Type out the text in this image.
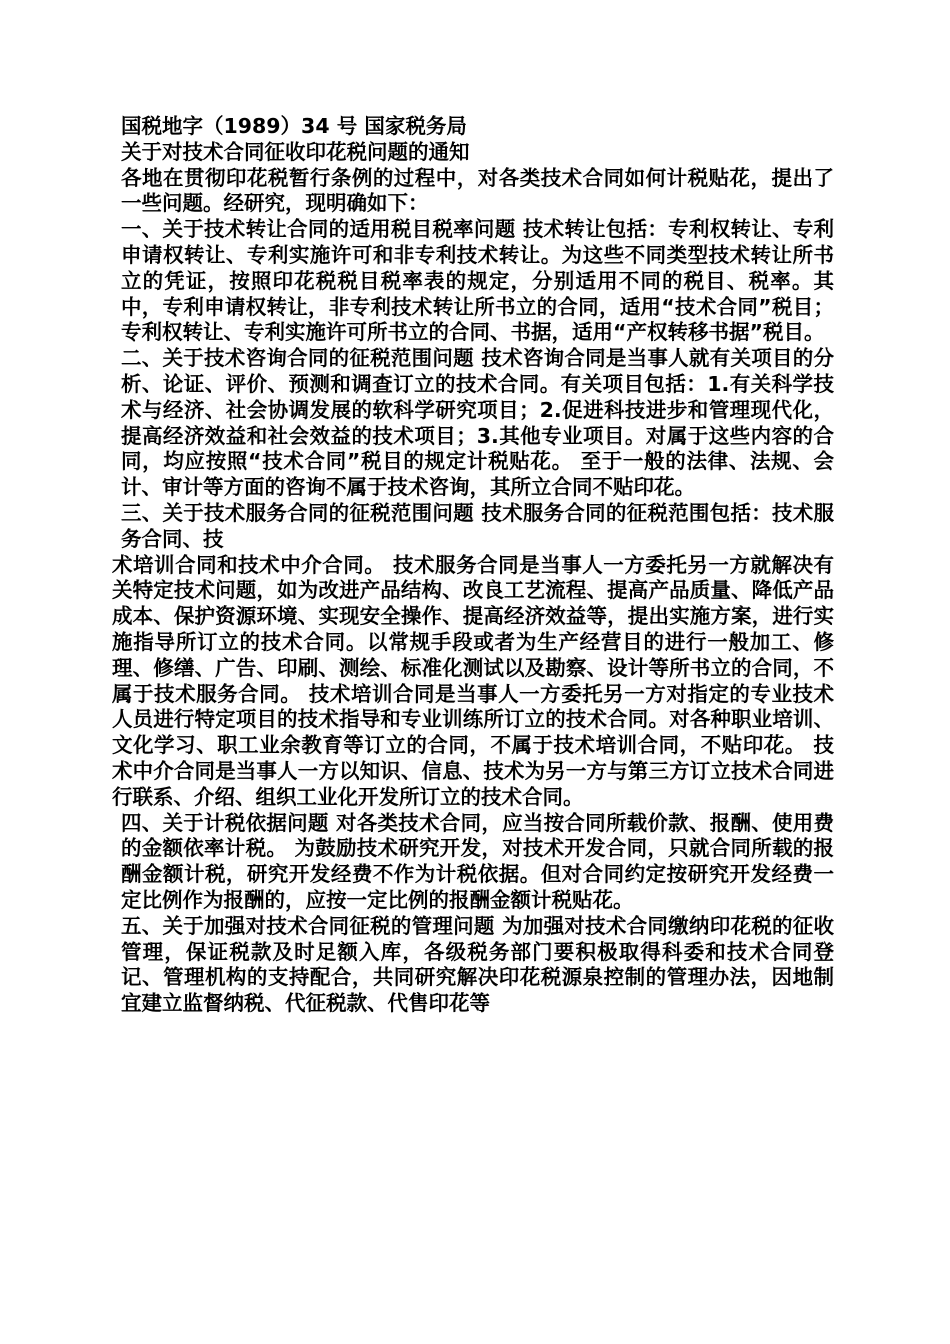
国税地字（1989）34 号 国家税务局

关于对技术合同征收印花税问题的通知

各地在贯彻印花税暂行条例的过程中，对各类技术合同如何计税贴花，提出了一些问题。经研究，现明确如下：

一、关于技术转让合同的适用税目税率问题 技术转让包括：专利权转让、专利申请权转让、专利实施许可和非专利技术转让。为这些不同类型技术转让所书立的凭证，按照印花税税目税率表的规定，分别适用不同的税目、税率。其中，专利申请权转让，非专利技术转让所书立的合同，适用“技术合同”税目；专利权转让、专利实施许可所书立的合同、书据，适用“产权转移书据”税目。

二、关于技术咨询合同的征税范围问题 技术咨询合同是当事人就有关项目的分析、论证、评价、预测和调查订立的技术合同。有关项目包括：1.有关科学技术与经济、社会协调发展的软科学研究项目；2.促进科技进步和管理现代化，提高经济效益和社会效益的技术项目；3.其他专业项目。对属于这些内容的合同，均应按照“技术合同”税目的规定计税贴花。 至于一般的法律、法规、会计、审计等方面的咨询不属于技术咨询，其所立合同不贴印花。

三、关于技术服务合同的征税范围问题 技术服务合同的征税范围包括：技术服务合同、技

术培训合同和技术中介合同。 技术服务合同是当事人一方委托另一方就解决有关特定技术问题，如为改进产品结构、改良工艺流程、提高产品质量、降低产品成本、保护资源环境、实现安全操作、提高经济效益等，提出实施方案，进行实施指导所订立的技术合同。以常规手段或者为生产经营目的进行一般加工、修理、修缮、广告、印刷、测绘、标准化测试以及勘察、设计等所书立的合同，不属于技术服务合同。 技术培训合同是当事人一方委托另一方对指定的专业技术人员进行特定项目的技术指导和专业训练所订立的技术合同。对各种职业培训、文化学习、职工业余教育等订立的合同，不属于技术培训合同，不贴印花。 技术中介合同是当事人一方以知识、信息、技术为另一方与第三方订立技术合同进行联系、介绍、组织工业化开发所订立的技术合同。

四、关于计税依据问题 对各类技术合同，应当按合同所载价款、报酬、使用费的金额依率计税。 为鼓励技术研究开发，对技术开发合同，只就合同所载的报酬金额计税，研究开发经费不作为计税依据。但对合同约定按研究开发经费一定比例作为报酬的，应按一定比例的报酬金额计税贴花。

五、关于加强对技术合同征税的管理问题 为加强对技术合同缴纳印花税的征收管理，保证税款及时足额入库，各级税务部门要积极取得科委和技术合同登记、管理机构的支持配合，共同研究解决印花税源泉控制的管理办法，因地制宜建立监督纳税、代征税款、代售印花等
